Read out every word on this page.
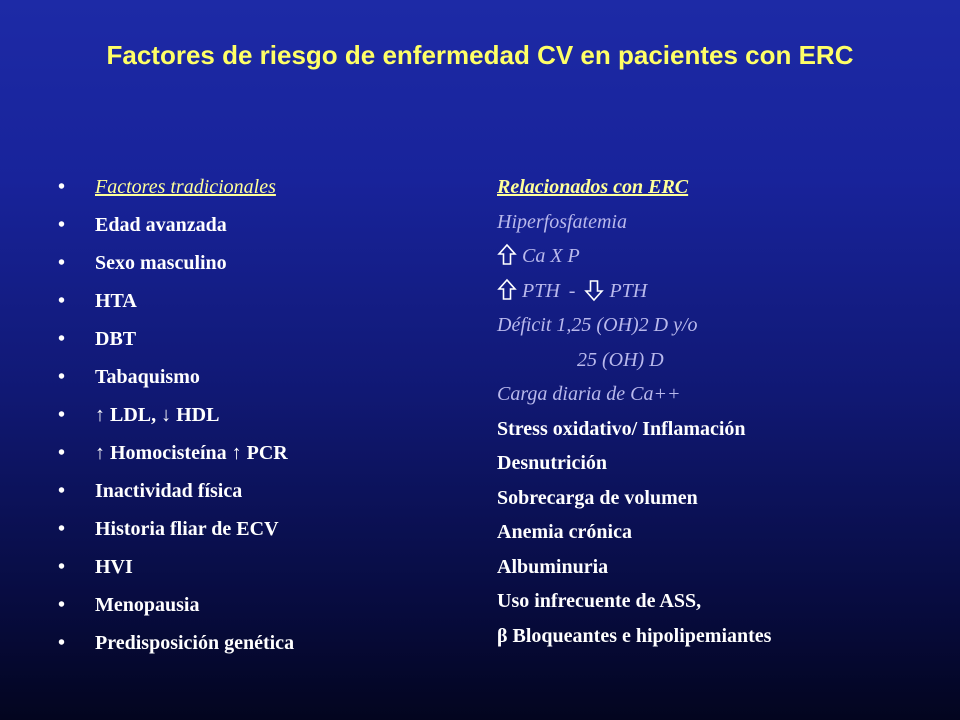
Factores de riesgo de enfermedad CV en pacientes con ERC
• Factores tradicionales
• Edad avanzada
• Sexo masculino
• HTA
• DBT
• Tabaquismo
• ↑ LDL, ↓ HDL
• ↑ Homocisteína ↑ PCR
• Inactividad física
• Historia fliar de ECV
• HVI
• Menopausia
• Predisposición genética
Relacionados con ERC
Hiperfosfatemia
Ca X P
PTH - PTH
Déficit 1,25 (OH)2 D y/o
25 (OH) D
Carga diaria de Ca++
Stress oxidativo/ Inflamación
Desnutrición
Sobrecarga de volumen
Anemia crónica
Albuminuria
Uso infrecuente de ASS,
β Bloqueantes e hipolipemiantes
